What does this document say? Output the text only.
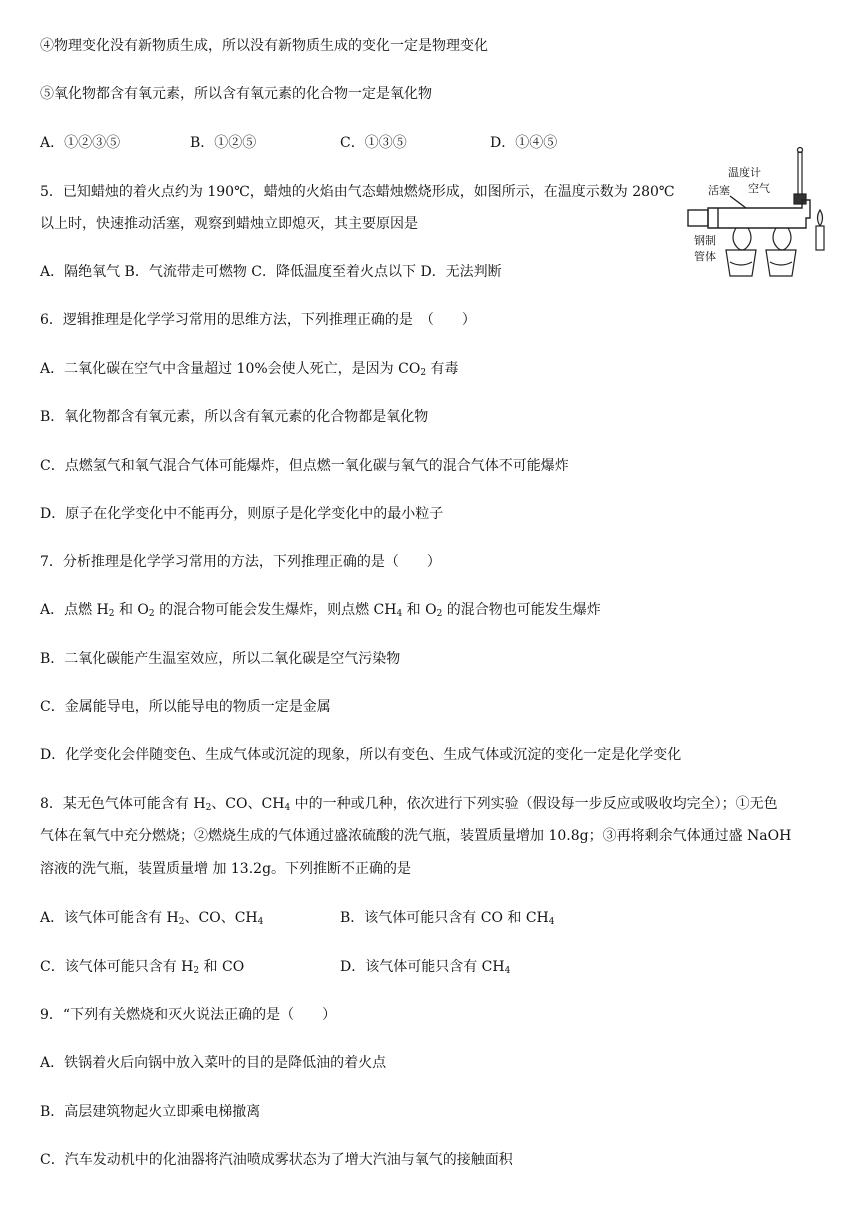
④物理变化没有新物质生成，所以没有新物质生成的变化一定是物理变化
⑤氧化物都含有氧元素，所以含有氧元素的化合物一定是氧化物
A．①②③⑤	B．①②⑤	C．①③⑤	D．①④⑤
5．已知蜡烛的着火点约为 190℃，蜡烛的火焰由气态蜡烛燃烧形成，如图所示，在温度示数为 280℃
以上时，快速推动活塞，观察到蜡烛立即熄灭，其主要原因是
A．隔绝氧气 B．气流带走可燃物 C．降低温度至着火点以下 D．无法判断
温度计
活塞 空气
钢制
管体
6．逻辑推理是化学学习常用的思维方法，下列推理正确的是　（　　）
A．二氧化碳在空气中含量超过 10%会使人死亡，是因为 $CO_2$ 有毒
B．氧化物都含有氧元素，所以含有氧元素的化合物都是氧化物
C．点燃氢气和氧气混合气体可能爆炸，但点燃一氧化碳与氧气的混合气体不可能爆炸
D．原子在化学变化中不能再分，则原子是化学变化中的最小粒子
7．分析推理是化学学习常用的方法，下列推理正确的是（　　）
A．点燃 $H_2$ 和 $O_2$ 的混合物可能会发生爆炸，则点燃 $CH_4$ 和 $O_2$ 的混合物也可能发生爆炸
B．二氧化碳能产生温室效应，所以二氧化碳是空气污染物
C．金属能导电，所以能导电的物质一定是金属
D．化学变化会伴随变色、生成气体或沉淀的现象，所以有变色、生成气体或沉淀的变化一定是化学变化
8．某无色气体可能含有 $H_2$、CO、$CH_4$ 中的一种或几种，依次进行下列实验（假设每一步反应或吸收均完全）；①无色
气体在氧气中充分燃烧；②燃烧生成的气体通过盛浓硫酸的洗气瓶，装置质量增加 10.8g；③再将剩余气体通过盛 NaOH
溶液的洗气瓶，装置质量增 加 13.2g。下列推断不正确的是
A．该气体可能含有 $H_2$、CO、$CH_4$	B．该气体可能只含有 CO 和 $CH_4$
C．该气体可能只含有 $H_2$ 和 CO	D．该气体可能只含有 $CH_4$
9．“下列有关燃烧和灭火说法正确的是（　　）
A．铁锅着火后向锅中放入菜叶的目的是降低油的着火点
B．高层建筑物起火立即乘电梯撤离
C．汽车发动机中的化油器将汽油喷成雾状态为了增大汽油与氧气的接触面积
